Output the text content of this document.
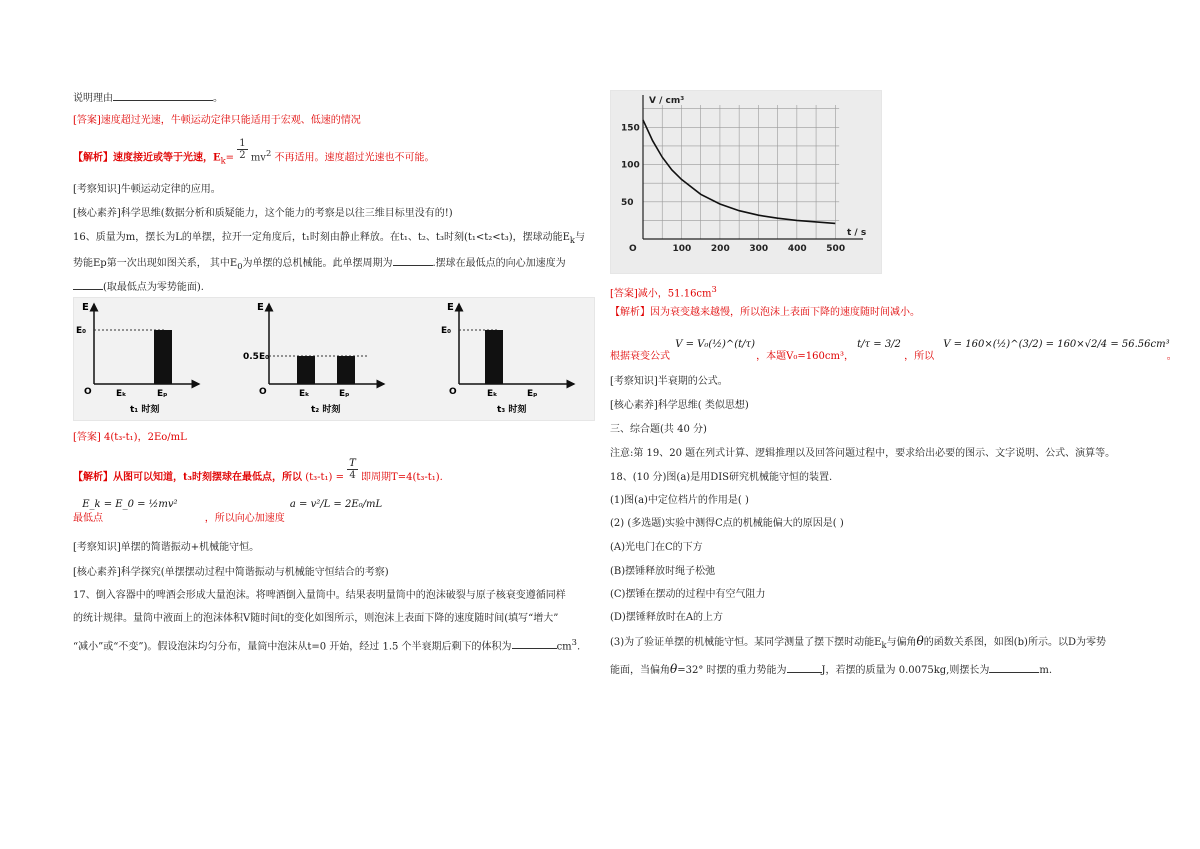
说明理由	。
[答案]速度超过光速，牛顿运动定律只能适用于宏观、低速的情况
【解析】速度接近或等于光速，$E_k= \frac{1}{2} mv^2$ 不再适用。速度超过光速也不可能。
[考察知识]牛顿运动定律的应用。
[核心素养]科学思维(数据分析和质疑能力，这个能力的考察是以往三维目标里没有的!)
16、质量为m，摆长为L的单摆，拉开一定角度后，t₁时刻由静止释放。在t₁、t₂、t₃时刻(t₁<t₂<t₃)，摆球动能$E_k$与
势能Ep第一次出现如图关系， 其中$E_0$为单摆的总机械能。此单摆周期为	.摆球在最低点的向心加速度为
(取最低点为零势能面).
E
E₀
O	Eₖ	Eₚ
t₁ 时刻
E
0.5E₀
O	Eₖ	Eₚ
t₂ 时刻
E
E₀
O	Eₖ	Eₚ
t₃ 时刻
[答案] 4(t₃-t₁)，2Eo/mL
【解析】从图可以知道，t₃时刻摆球在最低点，所以 $(t_3-t_1) = \frac{T}{4}$ 即周期T=4(t₃-t₁).
最低点 E_k = E_0 = ½mv² ，所以向心加速度 a = v²/L = 2E₀/mL
[考察知识]单摆的简谐振动+机械能守恒。
[核心素养]科学探究(单摆摆动过程中简谐振动与机械能守恒结合的考察)
17、倒入容器中的啤酒会形成大量泡沫。将啤酒倒入量筒中。结果表明量筒中的泡沫破裂与原子核衰变遵循同样
的统计规律。量筒中液面上的泡沫体积V随时间t的变化如图所示，则泡沫上表面下降的速度随时间(填写“增大”
“减小”或“不变”)。假设泡沫均匀分布，量筒中泡沫从t=0 开始，经过 1.5 个半衰期后剩下的体积为	$cm^3$.
100 200 300 400 500
50
100
150
O
V / cm³
t / s
[答案]减小，$51.16cm^3$
【解析】因为衰变越来越慢，所以泡沫上表面下降的速度随时间减小。
根据衰变公式 V = V₀(½)^(t/τ) ，本题V₀=160cm³， t/τ = 3/2 ，所以 V = 160×(½)^(3/2) = 160×√2/4 = 56.56cm³ 。
[考察知识]半衰期的公式。
[核心素养]科学思维( 类似思想)
三、综合题(共 40 分)
注意:第 19、20 题在列式计算、逻辑推理以及回答问题过程中，要求给出必要的图示、文字说明、公式、演算等。
18、(10 分)图(a)是用DIS研究机械能守恒的装置.
(1)图(a)中定位档片的作用是( )
(2) (多选题)实验中测得C点的机械能偏大的原因是( )
(A)光电门在C的下方
(B)摆锤释放时绳子松弛
(C)摆锤在摆动的过程中有空气阻力
(D)摆锤释放时在A的上方
(3)为了验证单摆的机械能守恒。某同学测量了摆下摆时动能$E_k$与偏角θ的函数关系图，如图(b)所示。以D为零势
能面，当偏角θ=32° 时摆的重力势能为	J，若摆的质量为 0.0075kg,则摆长为	m.
